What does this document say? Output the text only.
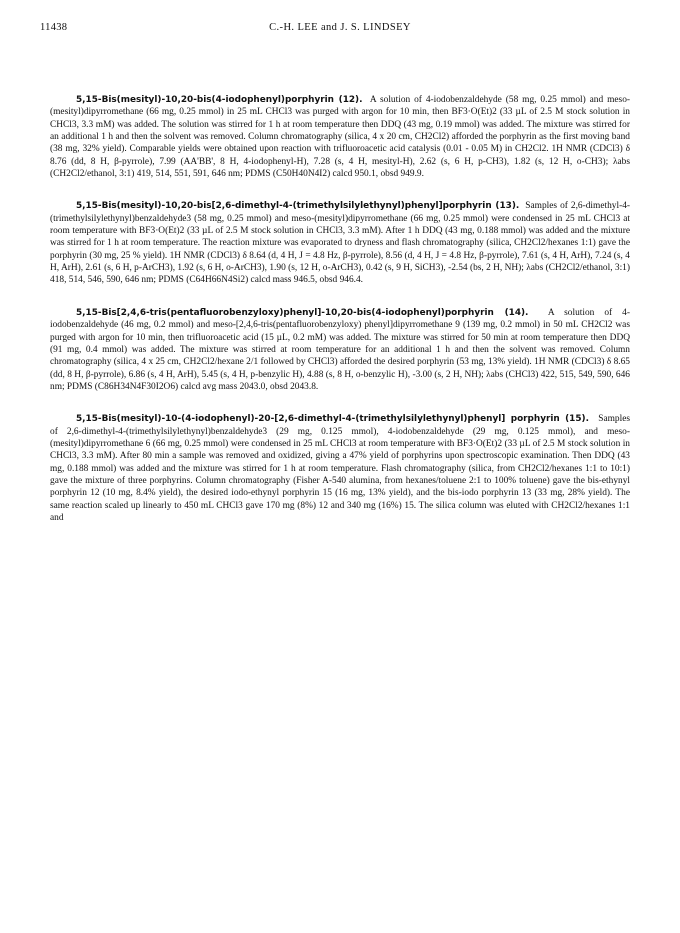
11438	C.-H. LEE and J. S. LINDSEY

5,15-Bis(mesityl)-10,20-bis(4-iodophenyl)porphyrin (12). A solution of 4-iodobenzaldehyde (58 mg, 0.25 mmol) and meso-(mesityl)dipyrromethane (66 mg, 0.25 mmol) in 25 mL CHCl3 was purged with argon for 10 min, then BF3·O(Et)2 (33 µL of 2.5 M stock solution in CHCl3, 3.3 mM) was added. The solution was stirred for 1 h at room temperature then DDQ (43 mg, 0.19 mmol) was added. The mixture was stirred for an additional 1 h and then the solvent was removed. Column chromatography (silica, 4 x 20 cm, CH2Cl2) afforded the porphyrin as the first moving band (38 mg, 32% yield). Comparable yields were obtained upon reaction with trifluoroacetic acid catalysis (0.01 - 0.05 M) in CH2Cl2. 1H NMR (CDCl3) δ 8.76 (dd, 8 H, β-pyrrole), 7.99 (AA'BB', 8 H, 4-iodophenyl-H), 7.28 (s, 4 H, mesityl-H), 2.62 (s, 6 H, p-CH3), 1.82 (s, 12 H, o-CH3); λabs (CH2Cl2/ethanol, 3:1) 419, 514, 551, 591, 646 nm; PDMS (C50H40N4I2) calcd 950.1, obsd 949.9.

5,15-Bis(mesityl)-10,20-bis[2,6-dimethyl-4-(trimethylsilylethynyl)phenyl]porphyrin (13). Samples of 2,6-dimethyl-4-(trimethylsilylethynyl)benzaldehyde3 (58 mg, 0.25 mmol) and meso-(mesityl)dipyrromethane (66 mg, 0.25 mmol) were condensed in 25 mL CHCl3 at room temperature with BF3·O(Et)2 (33 µL of 2.5 M stock solution in CHCl3, 3.3 mM). After 1 h DDQ (43 mg, 0.188 mmol) was added and the mixture was stirred for 1 h at room temperature. The reaction mixture was evaporated to dryness and flash chromatography (silica, CH2Cl2/hexanes 1:1) gave the porphyrin (30 mg, 25 % yield). 1H NMR (CDCl3) δ 8.64 (d, 4 H, J = 4.8 Hz, β-pyrrole), 8.56 (d, 4 H, J = 4.8 Hz, β-pyrrole), 7.61 (s, 4 H, ArH), 7.24 (s, 4 H, ArH), 2.61 (s, 6 H, p-ArCH3), 1.92 (s, 6 H, o-ArCH3), 1.90 (s, 12 H, o-ArCH3), 0.42 (s, 9 H, SiCH3), -2.54 (bs, 2 H, NH); λabs (CH2Cl2/ethanol, 3:1) 418, 514, 546, 590, 646 nm; PDMS (C64H66N4Si2) calcd mass 946.5, obsd 946.4.

5,15-Bis[2,4,6-tris(pentafluorobenzyloxy)phenyl]-10,20-bis(4-iodophenyl)porphyrin (14). A solution of 4-iodobenzaldehyde (46 mg, 0.2 mmol) and meso-[2,4,6-tris(pentafluorobenzyloxy) phenyl]dipyrromethane 9 (139 mg, 0.2 mmol) in 50 mL CH2Cl2 was purged with argon for 10 min, then trifluoroacetic acid (15 µL, 0.2 mM) was added. The mixture was stirred for 50 min at room temperature then DDQ (91 mg, 0.4 mmol) was added. The mixture was stirred at room temperature for an additional 1 h and then the solvent was removed. Column chromatography (silica, 4 x 25 cm, CH2Cl2/hexane 2/1 followed by CHCl3) afforded the desired porphyrin (53 mg, 13% yield). 1H NMR (CDCl3) δ 8.65 (dd, 8 H, β-pyrrole), 6.86 (s, 4 H, ArH), 5.45 (s, 4 H, p-benzylic H), 4.88 (s, 8 H, o-benzylic H), -3.00 (s, 2 H, NH); λabs (CHCl3) 422, 515, 549, 590, 646 nm; PDMS (C86H34N4F30I2O6) calcd avg mass 2043.0, obsd 2043.8.

5,15-Bis(mesityl)-10-(4-iodophenyl)-20-[2,6-dimethyl-4-(trimethylsilylethynyl)phenyl] porphyrin (15). Samples of 2,6-dimethyl-4-(trimethylsilylethynyl)benzaldehyde3 (29 mg, 0.125 mmol), 4-iodobenzaldehyde (29 mg, 0.125 mmol), and meso-(mesityl)dipyrromethane 6 (66 mg, 0.25 mmol) were condensed in 25 mL CHCl3 at room temperature with BF3·O(Et)2 (33 µL of 2.5 M stock solution in CHCl3, 3.3 mM). After 80 min a sample was removed and oxidized, giving a 47% yield of porphyrins upon spectroscopic examination. Then DDQ (43 mg, 0.188 mmol) was added and the mixture was stirred for 1 h at room temperature. Flash chromatography (silica, from CH2Cl2/hexanes 1:1 to 10:1) gave the mixture of three porphyrins. Column chromatography (Fisher A-540 alumina, from hexanes/toluene 2:1 to 100% toluene) gave the bis-ethynyl porphyrin 12 (10 mg, 8.4% yield), the desired iodo-ethynyl porphyrin 15 (16 mg, 13% yield), and the bis-iodo porphyrin 13 (33 mg, 28% yield). The same reaction scaled up linearly to 450 mL CHCl3 gave 170 mg (8%) 12 and 340 mg (16%) 15. The silica column was eluted with CH2Cl2/hexanes 1:1 and
